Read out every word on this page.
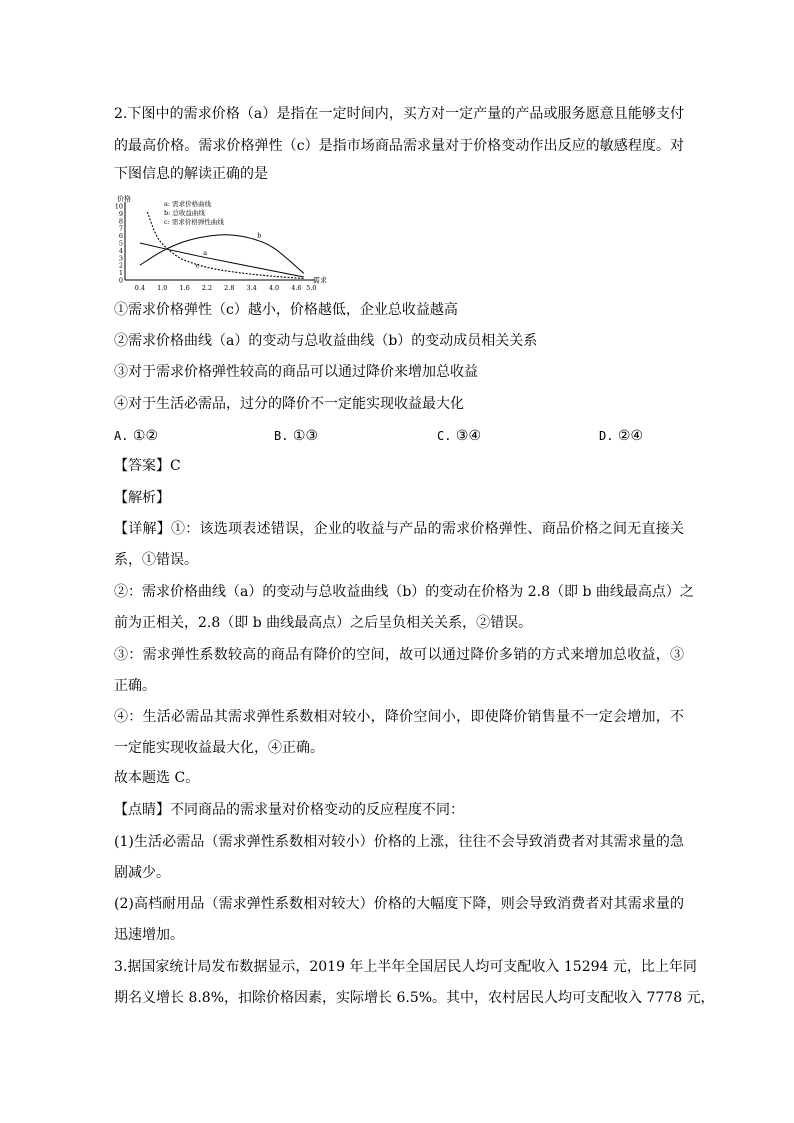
2.下图中的需求价格（a）是指在一定时间内，买方对一定产量的产品或服务愿意且能够支付
的最高价格。需求价格弹性（c）是指市场商品需求量对于价格变动作出反应的敏感程度。对
下图信息的解读正确的是
价格
需求
0
1
2
3
4
5
6
7
8
9
10
0.4 1.0 1.6 2.2 2.8 3.4 4.0 4.6 5.0
a: 需求价格曲线
b: 总收益曲线
c: 需求价格弹性曲线
a
b
c
①需求价格弹性（c）越小，价格越低，企业总收益越高
②需求价格曲线（a）的变动与总收益曲线（b）的变动成员相关关系
③对于需求价格弹性较高的商品可以通过降价来增加总收益
④对于生活必需品，过分的降价不一定能实现收益最大化
A. ①②	B. ①③	C. ③④	D. ②④
【答案】C
【解析】
【详解】①：该选项表述错误，企业的收益与产品的需求价格弹性、商品价格之间无直接关
系，①错误。
②：需求价格曲线（a）的变动与总收益曲线（b）的变动在价格为 2.8（即 b 曲线最高点）之
前为正相关，2.8（即 b 曲线最高点）之后呈负相关关系，②错误。
③：需求弹性系数较高的商品有降价的空间，故可以通过降价多销的方式来增加总收益，③
正确。
④：生活必需品其需求弹性系数相对较小，降价空间小，即使降价销售量不一定会增加，不
一定能实现收益最大化，④正确。
故本题选 C。
【点睛】不同商品的需求量对价格变动的反应程度不同：
(1)生活必需品（需求弹性系数相对较小）价格的上涨，往往不会导致消费者对其需求量的急
剧减少。
(2)高档耐用品（需求弹性系数相对较大）价格的大幅度下降，则会导致消费者对其需求量的
迅速增加。
3.据国家统计局发布数据显示，2019 年上半年全国居民人均可支配收入 15294 元，比上年同
期名义增长 8.8%，扣除价格因素，实际增长 6.5%。其中，农村居民人均可支配收入 7778 元，
